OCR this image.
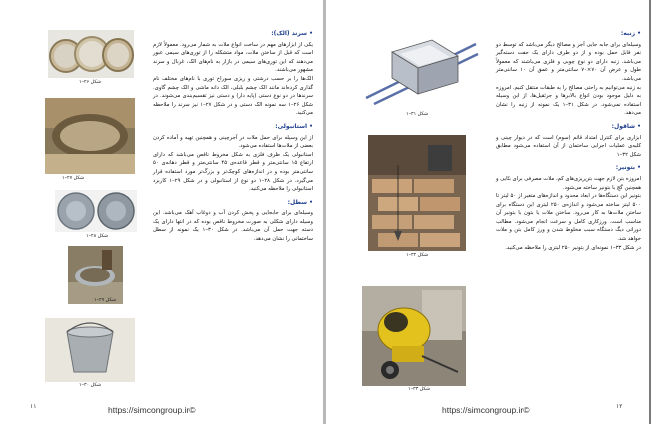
شکل ۲۶–۱
شکل ۲۷–۱
شکل ۲۸–۱
شکل ۲۹–۱
شکل ۳۰–۱
• سرند (الک):

یکی از ابزارهای مهم در ساخت انواع ملات به شمار می‌رود. معمولاً لازم است که قبل از ساختن ملات، مواد متشکله را از توری‌های سیمی عبور می‌دهند که این توری‌های سیمی در بازار به نام‌های الک، غربال و سرند مشهور می‌باشند.

الک‌ها را بر حسب درشتی و ریزی سوراخ توری با نام‌های مختلف نام گذاری کرده‌اند مانند الک چشم بلبلی، الک دانه ماشی و الک چشم گاوی. سرندها در دو نوع دستی (پایه دار) و دستی نیز تقسیم‌بندی می‌شوند. در شکل ۲۶–۱ سه نمونه الک دستی و در شکل ۲۷–۱ نیز سرند را ملاحظه می‌کنید.

• استانبولی:

از این وسیله برای حمل ملات در آجرچینی و همچنین تهیه و آماده کردن بعضی از ملات‌ها استفاده می‌شود.

استانبولی یک ظرف فلزی به شکل مخروط ناقص می‌باشد که دارای ارتفاع ۱۵ سانتی‌متر و قطر قاعده‌ی ۴۵ سانتی‌متر و قطر دهانه‌ی ۵۰ سانتی‌متر بوده و در اندازه‌های کوچک‌تر و بزرگ‌تر مورد استفاده قرار می‌گیرد. در شکل ۲۸–۱ دو نوع از استانبولی و در شکل ۲۹–۱ کاربرد استانبولی را ملاحظه می‌کنید.

• سطل:

وسیله‌ای برای جابجایی و پخش کردن آب و دوغاب آهک می‌باشد. این وسیله دارای شکلی به صورت مخروط ناقص بوده که در انتها دارای یک دسته جهت حمل آن می‌باشد. در شکل ۳۰–۱ یک نمونه از سطل ساختمانی را نشان می‌دهد.

۱۱	https://simcongroup.ir©
شکل ۳۱–۱
شکل ۳۲–۱
شکل ۳۳–۱
• زنبه:

وسیله‌ای برای جابه جایی آجر و مصالح دیگر می‌باشد که توسط دو نفر قابل حمل بوده و از دو طرف دارای یک جفت دسته‌گیر می‌باشد. زنبه دارای دو نوع چوبی و فلزی می‌باشند که معمولاً طول و عرض آن ۷۰×۷۰ سانتی‌متر و عمق آن ۱۰ سانتی‌متر می‌باشد.

به زنبه می‌توانیم به راحتی مصالح را به طبقات منتقل کنیم. امروزه به دلیل موجود بودن انواع بالابرها و جرثقیل‌ها، از این وسیله استفاده نمی‌شود. در شکل ۳۱–۱ یک نمونه از زنبه را نشان می‌دهد.

• شاقول:

ابزاری برای کنترل امتداد قائم (سوم) است که در دیوار چینی و کلیه‌ی عملیات اجرایی ساختمان از آن استفاده می‌شود مطابق شکل ۳۲–۱

• بتونیر:

امروزه بتن لازم جهت بتن‌ریزی‌های کم، ملات مصرفی برای بنّایی و همچنین گچ با بتونیر ساخته می‌شود.

بتونیر این دستگاه‌ها در ابعاد محدود و اندازه‌های متغیر از ۵۰ لیتر تا ۵۰۰ لیتر ساخته می‌شود و اندازه‌ی ۲۵۰ لیتری این دستگاه برای ساختن ملات‌ها به کار می‌رود. ساختن ملات یا بتون با بتونیر آن مناسب است. ورزکاری کامل و سرعت انجام می‌شود. مطالب دورانی دیگ دستگاه سبب مخلوط شدن و ورز کامل بتن و ملات خواهد شد.

در شکل ۳۳–۱ نمونه‌ای از بتونیر ۲۵۰ لیتری را ملاحظه می‌کنید.

۱۲
https://simcongroup.ir©
